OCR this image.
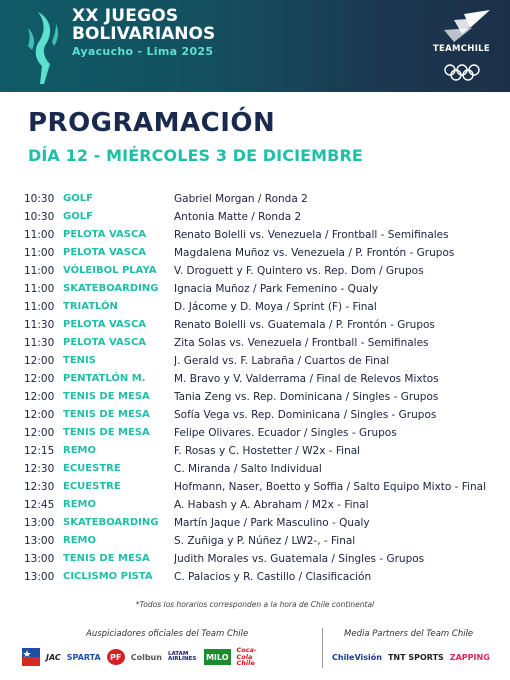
XX JUEGOS
BOLIVARIANOS
Ayacucho - Lima 2025	TEAMCHILE
PROGRAMACIÓN
DÍA 12 - MIÉRCOLES 3 DE DICIEMBRE
10:30 GOLF	Gabriel Morgan / Ronda 2
10:30 GOLF	Antonia Matte / Ronda 2
11:00 PELOTA VASCA	Renato Bolelli vs. Venezuela / Frontball - Semifinales
11:00 PELOTA VASCA	Magdalena Muñoz vs. Venezuela / P. Frontón - Grupos
11:00 VÓLEIBOL PLAYA	V. Droguett y F. Quintero vs. Rep. Dom / Grupos
11:00 SKATEBOARDING	Ignacia Muñoz / Park Femenino - Qualy
11:00 TRIATLÓN	D. Jácome y D. Moya / Sprint (F) - Final
11:30 PELOTA VASCA	Renato Bolelli vs. Guatemala / P. Frontón - Grupos
11:30 PELOTA VASCA	Zita Solas vs. Venezuela / Frontball - Semifinales
12:00 TENIS	J. Gerald vs. F. Labraña / Cuartos de Final
12:00 PENTATLÓN M.	M. Bravo y V. Valderrama / Final de Relevos Mixtos
12:00 TENIS DE MESA	Tania Zeng vs. Rep. Dominicana / Singles - Grupos
12:00 TENIS DE MESA	Sofía Vega vs. Rep. Dominicana / Singles - Grupos
12:00 TENIS DE MESA	Felipe Olivares. Ecuador / Singles - Grupos
12:15 REMO	F. Rosas y C. Hostetter / W2x - Final
12:30 ECUESTRE	C. Miranda / Salto Individual
12:30 ECUESTRE	Hofmann, Naser, Boetto y Soffia / Salto Equipo Mixto - Final
12:45 REMO	A. Habash y A. Abraham / M2x - Final
13:00 SKATEBOARDING	Martín Jaque / Park Masculino - Qualy
13:00 REMO	S. Zuñiga y P. Núñez / LW2-, - Final
13:00 TENIS DE MESA	Judith Morales vs. Guatemala / Singles - Grupos
13:00 CICLISMO PISTA	C. Palacios y R. Castillo / Clasificación
*Todos los horarios corresponden a la hora de Chile continental
Auspiciadores oficiales del Team Chile	Media Partners del Team Chile
JAC SPARTA	PF	Colbun LATAM AIRLINES MILO
Coca-Cola Chile
ChileVisión TNT SPORTS ZAPPING
